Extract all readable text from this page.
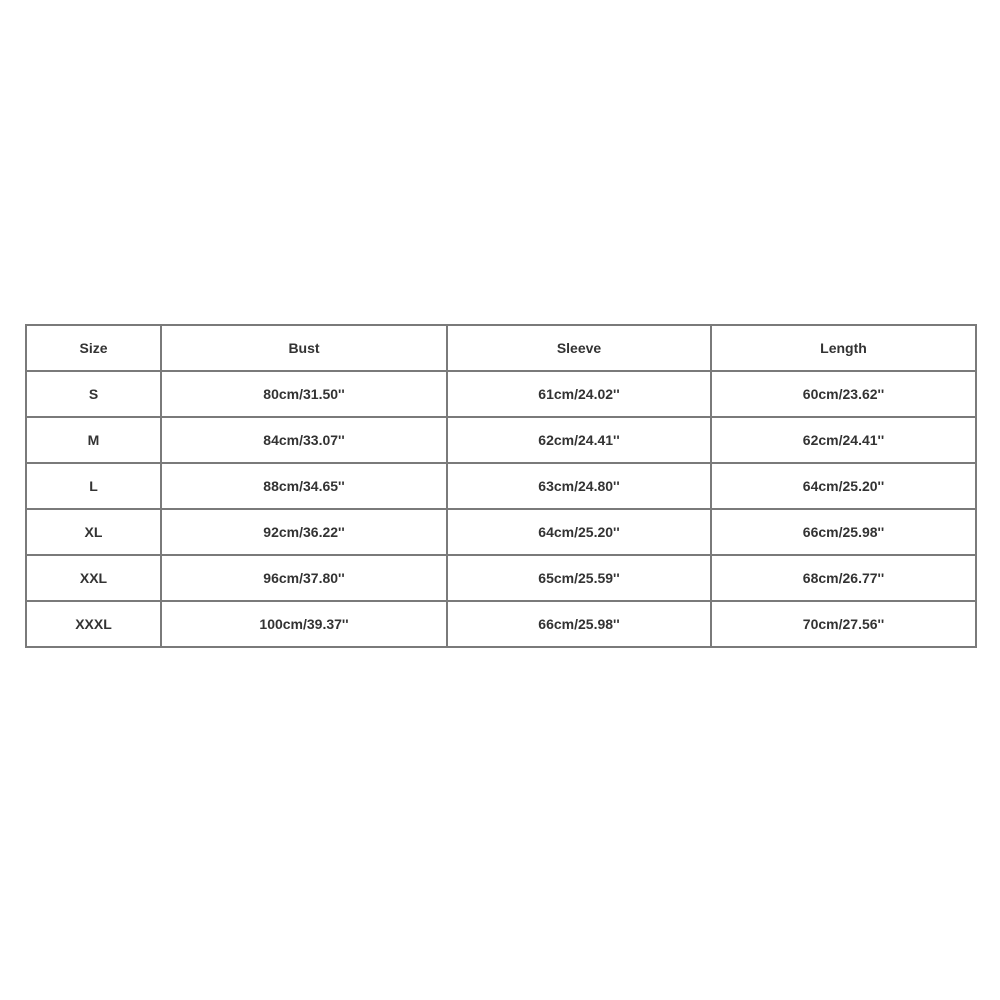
Size	Bust	Sleeve	Length
S	80cm/31.50''	61cm/24.02''	60cm/23.62''
M	84cm/33.07''	62cm/24.41''	62cm/24.41''
L	88cm/34.65''	63cm/24.80''	64cm/25.20''
XL	92cm/36.22''	64cm/25.20''	66cm/25.98''
XXL	96cm/37.80''	65cm/25.59''	68cm/26.77''
XXXL	100cm/39.37''	66cm/25.98''	70cm/27.56''
